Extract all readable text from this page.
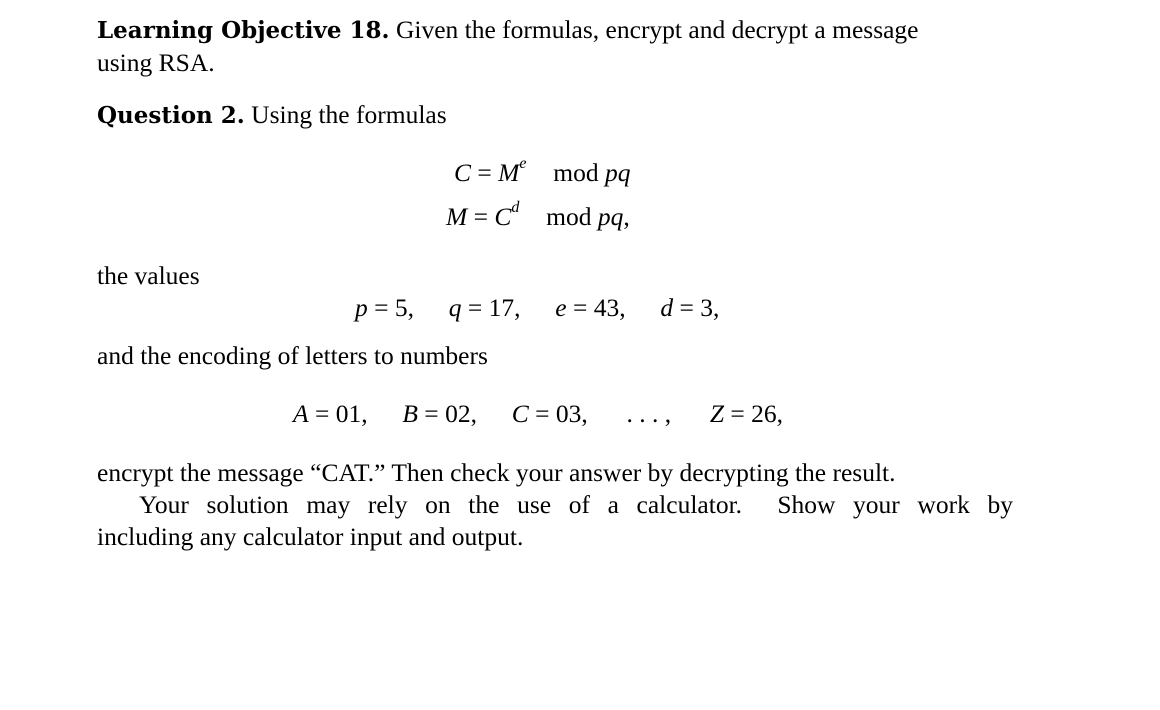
Learning Objective 18. Given the formulas, encrypt and decrypt a message
using RSA.

Question 2. Using the formulas

$C = M^e$ mod pq
$M = C^d$ mod pq,

the values

p = 5, q = 17, e = 43, d = 3,

and the encoding of letters to numbers

A = 01, B = 02, C = 03, . . . , Z = 26,
encrypt the message “CAT.” Then check your answer by decrypting the result.
Your solution may rely on the use of a calculator.  Show your work by
including any calculator input and output.
